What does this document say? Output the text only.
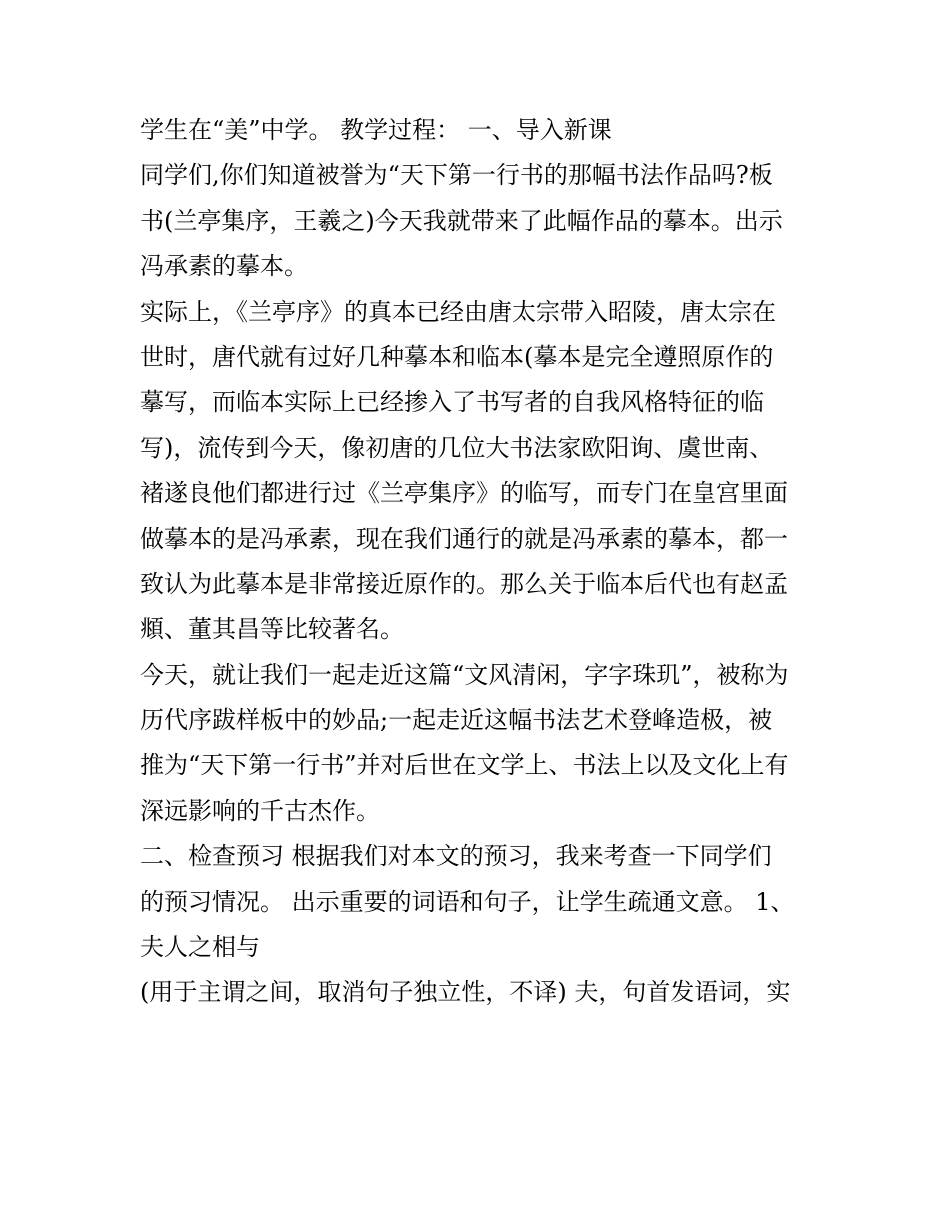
学生在“美”中学。 教学过程： 一、导入新课
同学们,你们知道被誉为“天下第一行书的那幅书法作品吗?板
书(兰亭集序，王羲之)今天我就带来了此幅作品的摹本。出示
冯承素的摹本。
实际上，《兰亭序》的真本已经由唐太宗带入昭陵，唐太宗在
世时，唐代就有过好几种摹本和临本(摹本是完全遵照原作的
摹写，而临本实际上已经掺入了书写者的自我风格特征的临
写)，流传到今天，像初唐的几位大书法家欧阳询、虞世南、
褚遂良他们都进行过《兰亭集序》的临写，而专门在皇宫里面
做摹本的是冯承素，现在我们通行的就是冯承素的摹本，都一
致认为此摹本是非常接近原作的。那么关于临本后代也有赵孟
頫、董其昌等比较著名。
今天，就让我们一起走近这篇“文风清闲，字字珠玑”，被称为
历代序跋样板中的妙品;一起走近这幅书法艺术登峰造极，被
推为“天下第一行书”并对后世在文学上、书法上以及文化上有
深远影响的千古杰作。
二、检查预习 根据我们对本文的预习，我来考查一下同学们
的预习情况。 出示重要的词语和句子，让学生疏通文意。 1、
夫人之相与
(用于主谓之间，取消句子独立性，不译) 夫，句首发语词，实
